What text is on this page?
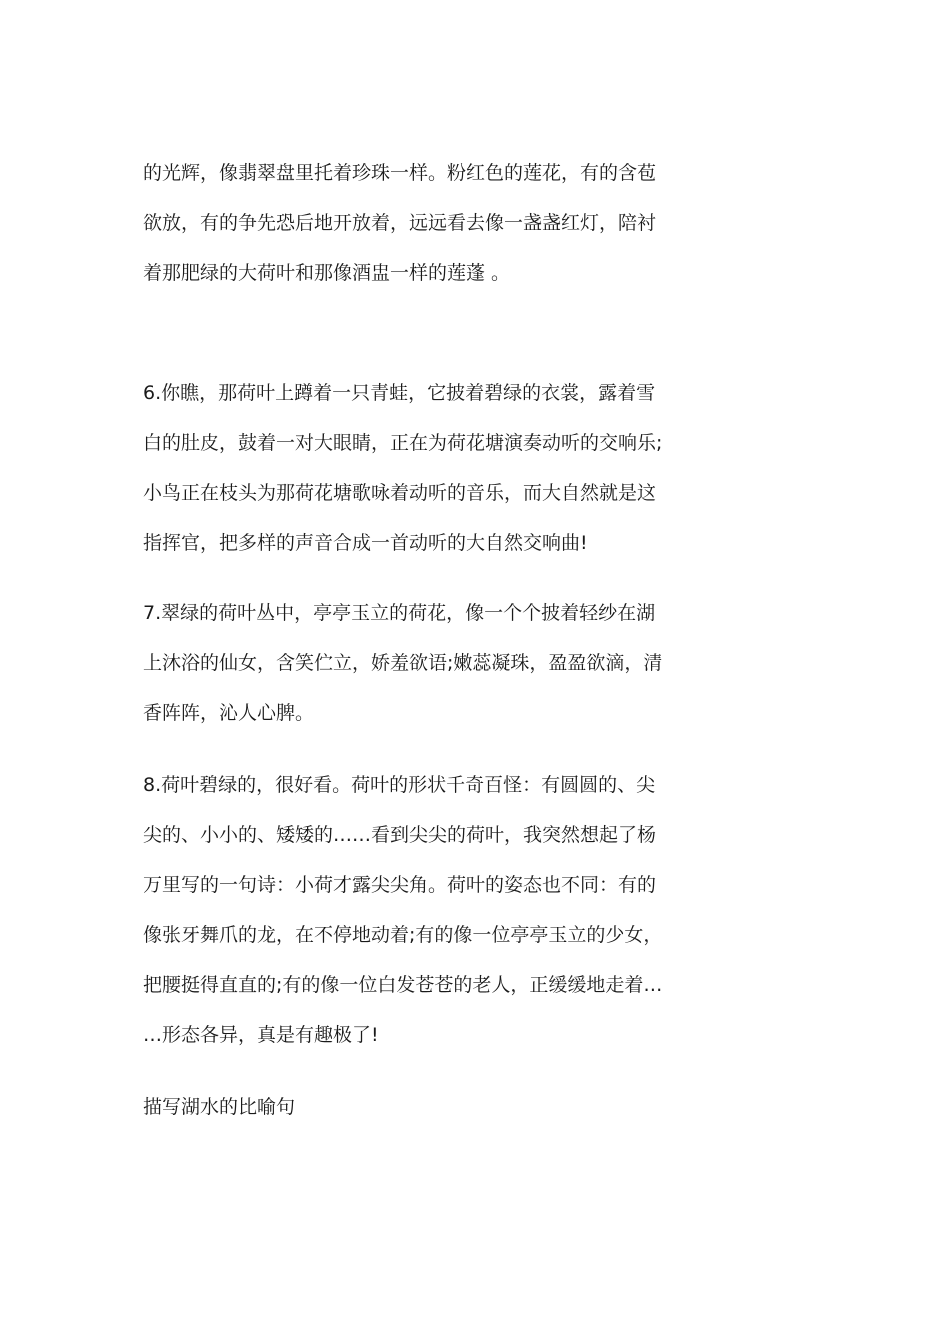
的光辉，像翡翠盘里托着珍珠一样。粉红色的莲花，有的含苞
欲放，有的争先恐后地开放着，远远看去像一盏盏红灯，陪衬
着那肥绿的大荷叶和那像酒盅一样的莲蓬 。
6.你瞧，那荷叶上蹲着一只青蛙，它披着碧绿的衣裳，露着雪
白的肚皮，鼓着一对大眼睛，正在为荷花塘演奏动听的交响乐;
小鸟正在枝头为那荷花塘歌咏着动听的音乐，而大自然就是这
指挥官，把多样的声音合成一首动听的大自然交响曲!
7.翠绿的荷叶丛中，亭亭玉立的荷花，像一个个披着轻纱在湖
上沐浴的仙女，含笑伫立，娇羞欲语;嫩蕊凝珠，盈盈欲滴，清
香阵阵，沁人心脾。
8.荷叶碧绿的，很好看。荷叶的形状千奇百怪：有圆圆的、尖
尖的、小小的、矮矮的……看到尖尖的荷叶，我突然想起了杨
万里写的一句诗：小荷才露尖尖角。荷叶的姿态也不同：有的
像张牙舞爪的龙，在不停地动着;有的像一位亭亭玉立的少女，
把腰挺得直直的;有的像一位白发苍苍的老人，正缓缓地走着…
…形态各异，真是有趣极了!
描写湖水的比喻句
